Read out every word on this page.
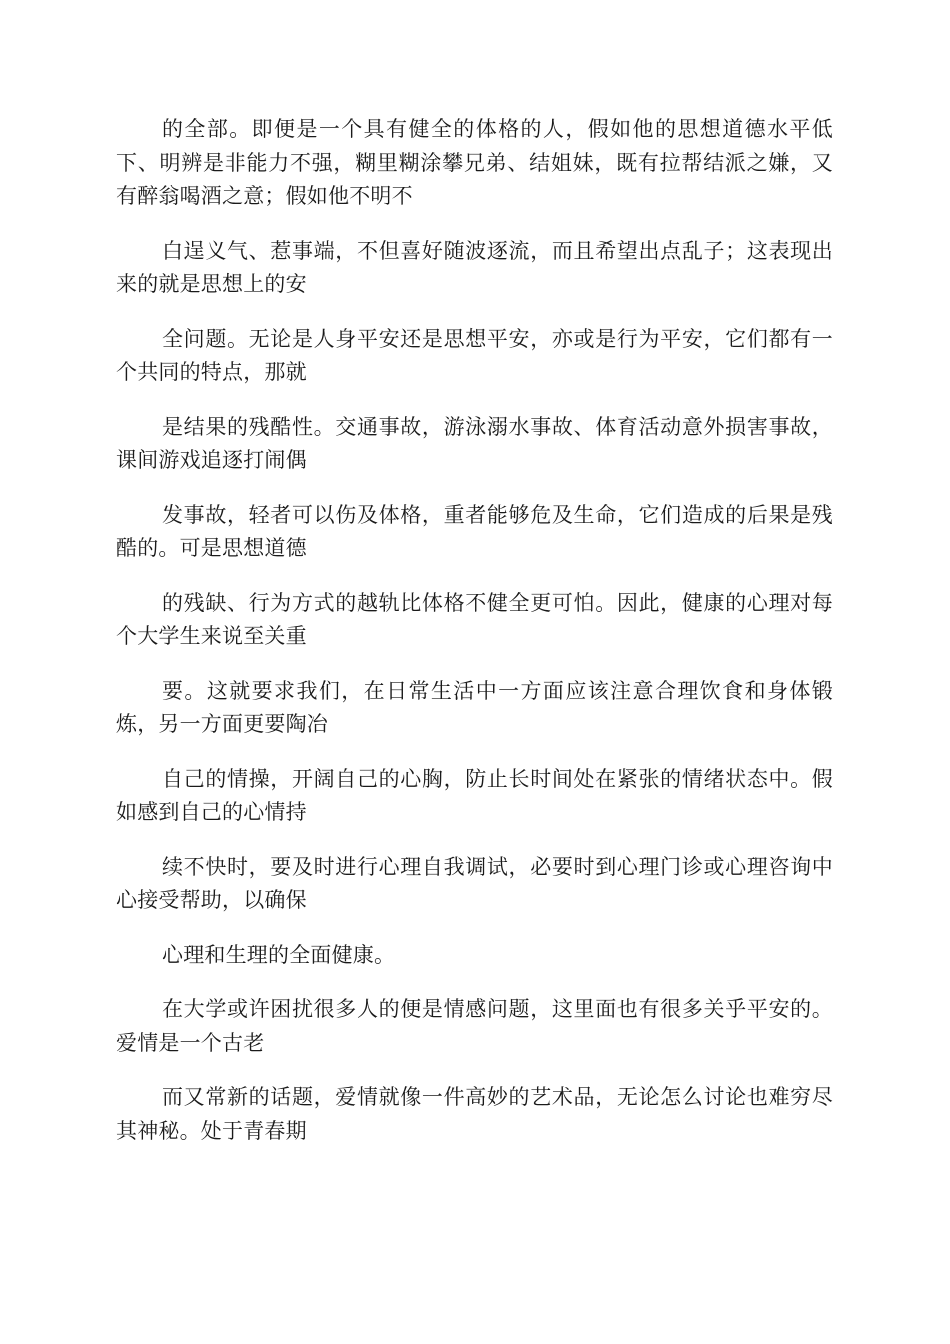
的全部。即便是一个具有健全的体格的人，假如他的思想道德水平低下、明辨是非能力不强，糊里糊涂攀兄弟、结姐妹，既有拉帮结派之嫌，又有醉翁喝酒之意；假如他不明不

白逞义气、惹事端，不但喜好随波逐流，而且希望出点乱子；这表现出来的就是思想上的安

全问题。无论是人身平安还是思想平安，亦或是行为平安，它们都有一个共同的特点，那就

是结果的残酷性。交通事故，游泳溺水事故、体育活动意外损害事故，课间游戏追逐打闹偶

发事故，轻者可以伤及体格，重者能够危及生命，它们造成的后果是残酷的。可是思想道德

的残缺、行为方式的越轨比体格不健全更可怕。因此，健康的心理对每个大学生来说至关重

要。这就要求我们，在日常生活中一方面应该注意合理饮食和身体锻炼，另一方面更要陶冶

自己的情操，开阔自己的心胸，防止长时间处在紧张的情绪状态中。假如感到自己的心情持

续不快时，要及时进行心理自我调试，必要时到心理门诊或心理咨询中心接受帮助，以确保

心理和生理的全面健康。

在大学或许困扰很多人的便是情感问题，这里面也有很多关乎平安的。爱情是一个古老

而又常新的话题，爱情就像一件高妙的艺术品，无论怎么讨论也难穷尽其神秘。处于青春期
